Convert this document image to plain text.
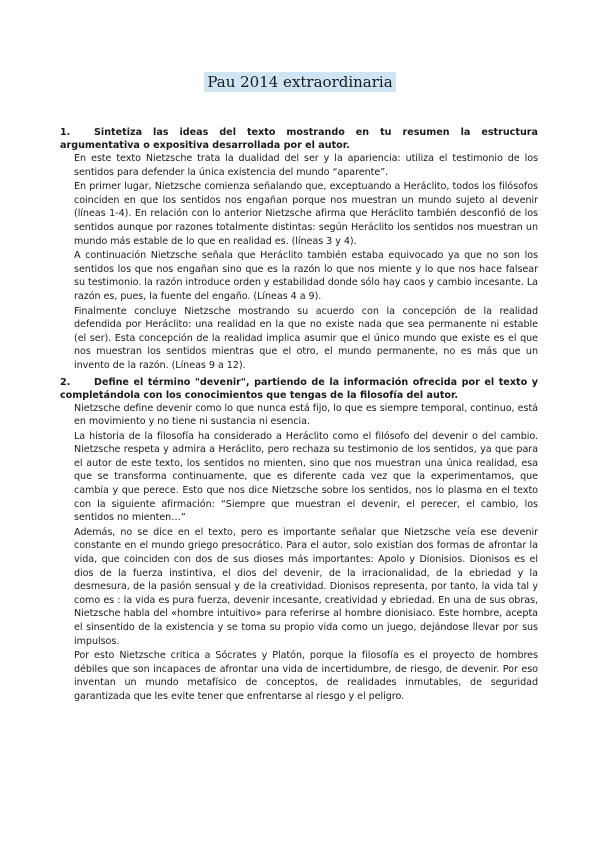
Pau 2014 extraordinaria

1. Sintetiza las ideas del texto mostrando en tu resumen la estructura argumentativa o expositiva desarrollada por el autor.

En este texto Nietzsche trata la dualidad del ser y la apariencia: utiliza el testimonio de los sentidos para defender la única existencia del mundo “aparente”.

En primer lugar, Nietzsche comienza señalando que, exceptuando a Heráclito, todos los filósofos coinciden en que los sentidos nos engañan porque nos muestran un mundo sujeto al devenir (líneas 1-4). En relación con lo anterior Nietzsche afirma que Heráclito también desconfió de los sentidos aunque por razones totalmente distintas: según Heráclito los sentidos nos muestran un mundo más estable de lo que en realidad es. (líneas 3 y 4).

A continuación Nietzsche señala que Heráclito también estaba equivocado ya que no son los sentidos los que nos engañan sino que es la razón lo que nos miente y lo que nos hace falsear su testimonio. la razón introduce orden y estabilidad donde sólo hay caos y cambio incesante. La razón es, pues, la fuente del engaño. (Líneas 4 a 9).

Finalmente concluye Nietzsche mostrando su acuerdo con la concepción de la realidad defendida por Heráclito: una realidad en la que no existe nada que sea permanente ni estable (el ser). Esta concepción de la realidad implica asumir que el único mundo que existe es el que nos muestran los sentidos mientras que el otro, el mundo permanente, no es más que un invento de la razón. (Líneas 9 a 12).

2. Define el término "devenir", partiendo de la información ofrecida por el texto y completándola con los conocimientos que tengas de la filosofía del autor.

Nietzsche define devenir como lo que nunca está fijo, lo que es siempre temporal, continuo, está en movimiento y no tiene ni sustancia ni esencia.

La historia de la filosofía ha considerado a Heráclito como el filósofo del devenir o del cambio. Nietzsche respeta y admira a Heráclito, pero rechaza su testimonio de los sentidos, ya que para el autor de este texto, los sentidos no mienten, sino que nos muestran una única realidad, esa que se transforma continuamente, que es diferente cada vez que la experimentamos, que cambia y que perece. Esto que nos dice Nietzsche sobre los sentidos, nos lo plasma en el texto con la siguiente afirmación: “Siempre que muestran el devenir, el perecer, el cambio, los sentidos no mienten…”

Además, no se dice en el texto, pero es importante señalar que Nietzsche veía ese devenir constante en el mundo griego presocrático. Para el autor, solo existían dos formas de afrontar la vida, que coinciden con dos de sus dioses más importantes: Apolo y Dionisios. Dionisos es el dios de la fuerza instintiva, el dios del devenir, de la irracionalidad, de la ebriedad y la desmesura, de la pasión sensual y de la creatividad. Dionisos representa, por tanto, la vida tal y como es : la vida es pura fuerza, devenir incesante, creatividad y ebriedad. En una de sus obras, Nietzsche habla del «hombre intuitivo» para referirse al hombre dionisiaco. Este hombre, acepta el sinsentido de la existencia y se toma su propio vida como un juego, dejándose llevar por sus impulsos.

Por esto Nietzsche critica a Sócrates y Platón, porque la filosofía es el proyecto de hombres débiles que son incapaces de afrontar una vida de incertidumbre, de riesgo, de devenir. Por eso inventan un mundo metafísico de conceptos, de realidades inmutables, de seguridad garantizada que les evite tener que enfrentarse al riesgo y el peligro.
